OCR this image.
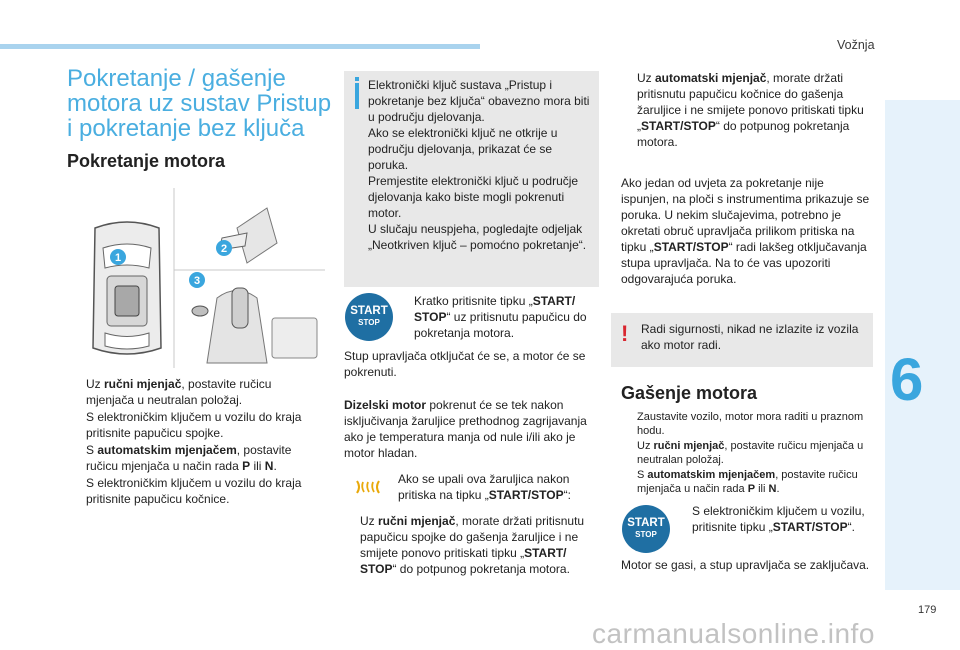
Vožnja
6
179
carmanualsonline.info
Pokretanje / gašenje motora uz sustav Pristup i pokretanje bez ključa
Pokretanje motora
1
2
3
Uz ručni mjenjač, postavite ručicu mjenjača u neutralan položaj.
S elektroničkim ključem u vozilu do kraja pritisnite papučicu spojke.
S automatskim mjenjačem, postavite ručicu mjenjača u način rada P ili N.
S elektroničkim ključem u vozilu do kraja pritisnite papučicu kočnice.

Elektronički ključ sustava „Pristup i pokretanje bez ključa“ obavezno mora biti u području djelovanja.

Ako se elektronički ključ ne otkrije u području djelovanja, prikazat će se poruka.

Premjestite elektronički ključ u područje djelovanja kako biste mogli pokrenuti motor.

U slučaju neuspjeha, pogledajte odjeljak „Neotkriven ključ – pomoćno pokretanje“.

START
STOP
Kratko pritisnite tipku „START/ STOP“ uz pritisnutu papučicu do pokretanja motora.

Stup upravljača otključat će se, a motor će se pokrenuti.

Dizelski motor pokrenut će se tek nakon isključivanja žaruljice prethodnog zagrijavanja ako je temperatura manja od nule i/ili ako je motor hladan.

Ako se upali ova žaruljica nakon pritiska na tipku „START/STOP“:

Uz ručni mjenjač, morate držati pritisnutu papučicu spojke do gašenja žaruljice i ne smijete ponovo pritiskati tipku „START/ STOP“ do potpunog pokretanja motora.
Uz automatski mjenjač, morate držati pritisnutu papučicu kočnice do gašenja žaruljice i ne smijete ponovo pritiskati tipku „START/STOP“ do potpunog pokretanja motora.

Ako jedan od uvjeta za pokretanje nije ispunjen, na ploči s instrumentima prikazuje se poruka. U nekim slučajevima, potrebno je okretati obruč upravljača prilikom pritiska na tipku „START/STOP“ radi lakšeg otključavanja stupa upravljača. Na to će vas upozoriti odgovarajuća poruka.

! Radi sigurnosti, nikad ne izlazite iz vozila ako motor radi.
Gašenje motora
Zaustavite vozilo, motor mora raditi u praznom hodu.
Uz ručni mjenjač, postavite ručicu mjenjača u neutralan položaj.
S automatskim mjenjačem, postavite ručicu mjenjača u način rada P ili N.
START
STOP
S elektroničkim ključem u vozilu, pritisnite tipku „START/STOP“.
Motor se gasi, a stup upravljača se zaključava.
